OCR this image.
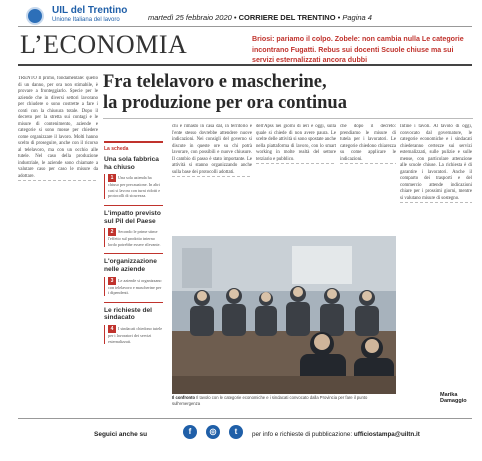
UIL del Trentino
Unione Italiana del lavoro	martedì 25 febbraio 2020 • CORRIERE DEL TRENTINO • Pagina 4
L’ECONOMIA	Briosi: pariamo il colpo. Zobele: non cambia nulla Le categorie incontrano Fugatti. Rebus sui docenti Scuole chiuse ma sui servizi esternalizzati ancora dubbi
Fra telelavoro e mascherine,
la produzione per ora continua
TRENTO Il primo, fondamentale: quello di un danno, per ora non stimabile, è provare a fronteggiarlo. Specie per le aziende che in diversi settori lavorano per chiudere o sono costrette a fare i conti con la chiusura totale. Dopo il decreto per la stretta sui contagi e le misure di contenimento, aziende e categorie si sono mosse per chiedere come organizzare il lavoro. Molti hanno scelto di proseguire, anche con il ricorso al telelavoro, ma con un occhio alle tutele. Nel caso della produzione industriale, le aziende sono chiamate a valutare caso per caso le misure da adottare.
La scheda
Una sola fabbrica ha chiuso
1 Una sola azienda ha chiuso per precauzione. In altri casi si lavora con turni ridotti e protocolli di sicurezza.
L'impatto previsto sul Pil del Paese
2 Secondo le prime stime l'effetto sul prodotto interno lordo potrebbe essere rilevante.
L'organizzazione nelle aziende
3 Le aziende si organizzano con telelavoro e mascherine per i dipendenti.
Le richieste del sindacato
4 I sindacati chiedono tutele per i lavoratori dei servizi esternalizzati.
chi è rimasto in casa dal, in territorio e l'ente stesso dovrebbe attendere nuove indicazioni. Nei consigli del governo si discute in queste ore su chi potrà lavorare, con possibili e nuove chiusure. Il cambio di passo è stato importante. Le attività si stanno organizzando anche sulla base dei protocolli adottati.
dell'Apss nei giorni di ieri e oggi, sulla quale si chiede di non avere paura. Le scelte delle attività si sono spostate anche nella piattaforma di lavoro, con lo smart working in molte realtà del settore terziario e pubblico.
che dopo il decreto: prendiamo le misure di tutela per i lavoratori. Le categorie chiedono chiarezza su come applicare le indicazioni.
Infine i tavoli. Al tavolo di oggi, convocato dal governatore, le categorie economiche e i sindacati chiederanno certezze sui servizi esternalizzati, sulle pulizie e sulle mense, con particolare attenzione alle scuole chiuse. La richiesta è di garantire i lavoratori. Anche il comparto dei trasporti e del commercio attende indicazioni chiare per i prossimi giorni, mentre si valutano misure di sostegno.
Marika Damaggio
Il confronto Il tavolo con le categorie economiche e i sindacati convocato dalla Provincia per fare il punto sull'emergenza
Seguici anche su	f	◎	t	per info e richieste di pubblicazione: ufficiostampa@uiltn.it
